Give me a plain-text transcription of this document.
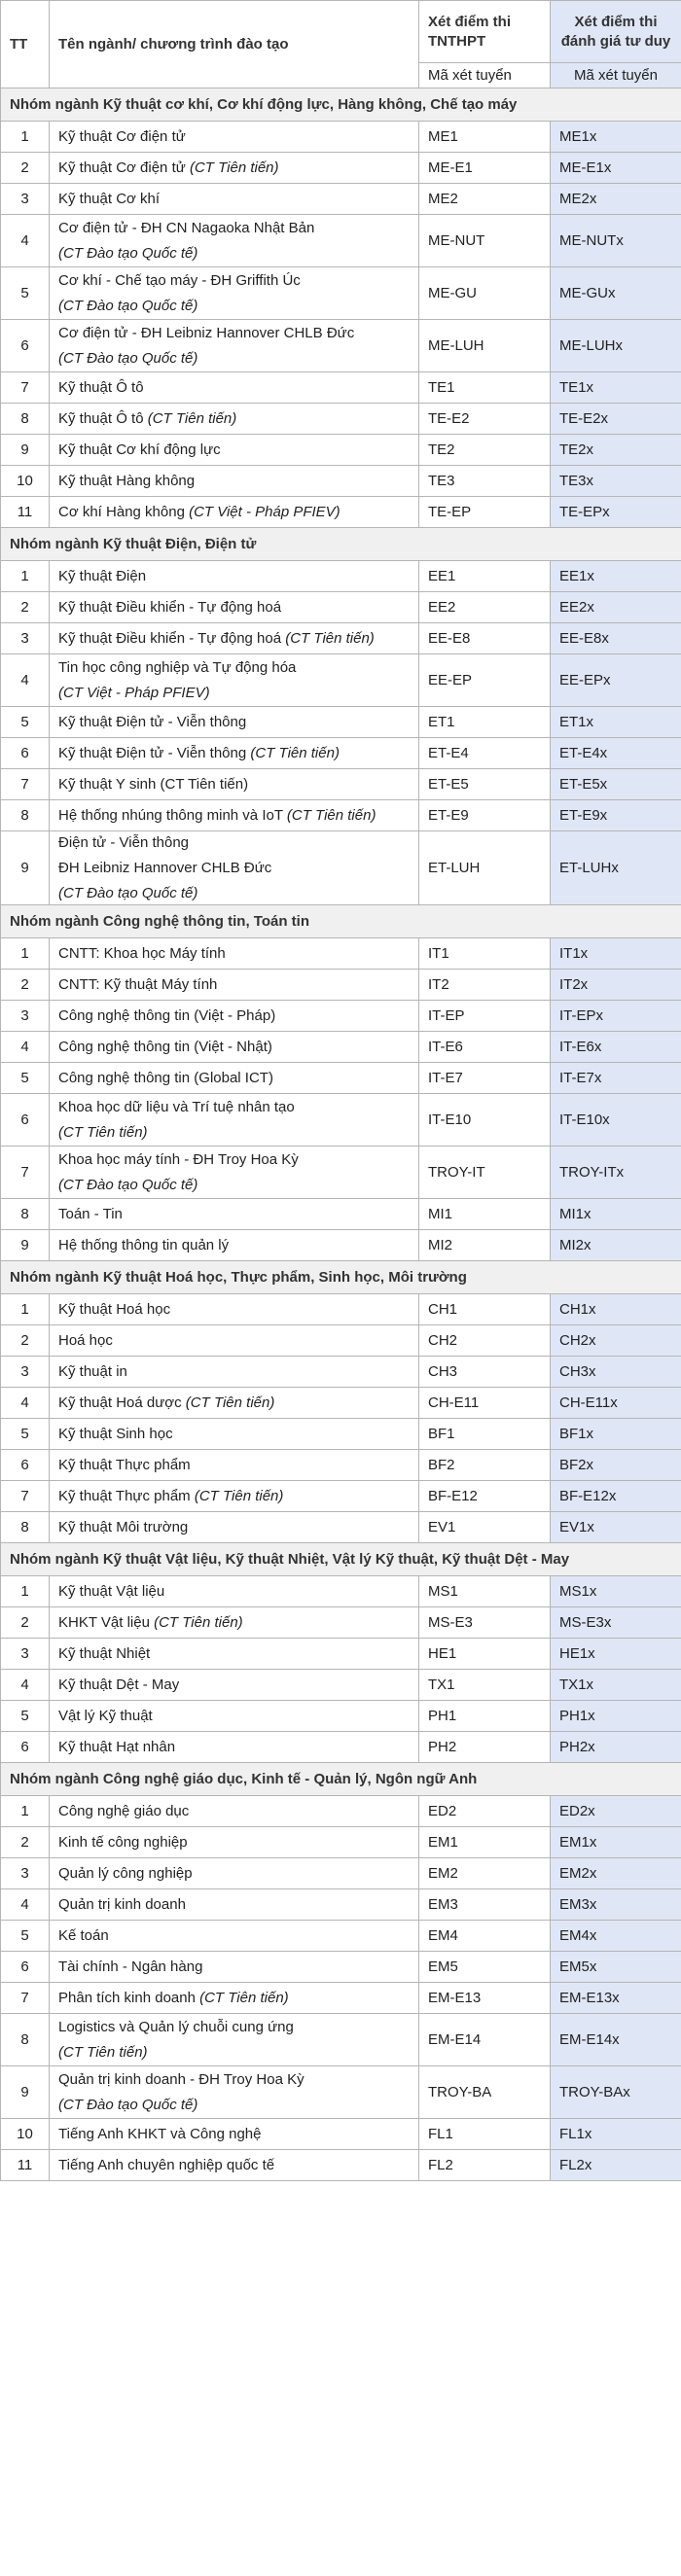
TT	Tên ngành/ chương trình đào tạo	Xét điểm thi TNTHPT	Xét điểm thi đánh giá tư duy
		Mã xét tuyển	Mã xét tuyển
Nhóm ngành Kỹ thuật cơ khí, Cơ khí động lực, Hàng không, Chế tạo máy			
1	Kỹ thuật Cơ điện tử	ME1	ME1x
2	Kỹ thuật Cơ điện tử (CT Tiên tiến)	ME-E1	ME-E1x
3	Kỹ thuật Cơ khí	ME2	ME2x
4	Cơ điện tử - ĐH CN Nagaoka Nhật Bản
(CT Đào tạo Quốc tế)	ME-NUT	ME-NUTx
5	Cơ khí - Chế tạo máy - ĐH Griffith Úc
(CT Đào tạo Quốc tế)	ME-GU	ME-GUx
6	Cơ điện tử - ĐH Leibniz Hannover CHLB Đức
(CT Đào tạo Quốc tế)	ME-LUH	ME-LUHx
7	Kỹ thuật Ô tô	TE1	TE1x
8	Kỹ thuật Ô tô (CT Tiên tiến)	TE-E2	TE-E2x
9	Kỹ thuật Cơ khí động lực	TE2	TE2x
10	Kỹ thuật Hàng không	TE3	TE3x
11	Cơ khí Hàng không (CT Việt - Pháp PFIEV)	TE-EP	TE-EPx
Nhóm ngành Kỹ thuật Điện, Điện tử			
1	Kỹ thuật Điện	EE1	EE1x
2	Kỹ thuật Điều khiển - Tự động hoá	EE2	EE2x
3	Kỹ thuật Điều khiển - Tự động hoá (CT Tiên tiến)	EE-E8	EE-E8x
4	Tin học công nghiệp và Tự động hóa
(CT Việt - Pháp PFIEV)	EE-EP	EE-EPx
5	Kỹ thuật Điện tử - Viễn thông	ET1	ET1x
6	Kỹ thuật Điện tử - Viễn thông (CT Tiên tiến)	ET-E4	ET-E4x
7	Kỹ thuật Y sinh (CT Tiên tiến)	ET-E5	ET-E5x
8	Hệ thống nhúng thông minh và IoT (CT Tiên tiến)	ET-E9	ET-E9x
9	Điện tử - Viễn thông
ĐH Leibniz Hannover CHLB Đức
(CT Đào tạo Quốc tế)	ET-LUH	ET-LUHx
Nhóm ngành Công nghệ thông tin, Toán tin			
1	CNTT: Khoa học Máy tính	IT1	IT1x
2	CNTT: Kỹ thuật Máy tính	IT2	IT2x
3	Công nghệ thông tin (Việt - Pháp)	IT-EP	IT-EPx
4	Công nghệ thông tin (Việt - Nhật)	IT-E6	IT-E6x
5	Công nghệ thông tin (Global ICT)	IT-E7	IT-E7x
6	Khoa học dữ liệu và Trí tuệ nhân tạo
(CT Tiên tiến)	IT-E10	IT-E10x
7	Khoa học máy tính - ĐH Troy Hoa Kỳ
(CT Đào tạo Quốc tế)	TROY-IT	TROY-ITx
8	Toán - Tin	MI1	MI1x
9	Hệ thống thông tin quản lý	MI2	MI2x
Nhóm ngành Kỹ thuật Hoá học, Thực phẩm, Sinh học, Môi trường			
1	Kỹ thuật Hoá học	CH1	CH1x
2	Hoá học	CH2	CH2x
3	Kỹ thuật in	CH3	CH3x
4	Kỹ thuật Hoá dược (CT Tiên tiến)	CH-E11	CH-E11x
5	Kỹ thuật Sinh học	BF1	BF1x
6	Kỹ thuật Thực phẩm	BF2	BF2x
7	Kỹ thuật Thực phẩm (CT Tiên tiến)	BF-E12	BF-E12x
8	Kỹ thuật Môi trường	EV1	EV1x
Nhóm ngành Kỹ thuật Vật liệu, Kỹ thuật Nhiệt, Vật lý Kỹ thuật, Kỹ thuật Dệt - May			
1	Kỹ thuật Vật liệu	MS1	MS1x
2	KHKT Vật liệu (CT Tiên tiến)	MS-E3	MS-E3x
3	Kỹ thuật Nhiệt	HE1	HE1x
4	Kỹ thuật Dệt - May	TX1	TX1x
5	Vật lý Kỹ thuật	PH1	PH1x
6	Kỹ thuật Hạt nhân	PH2	PH2x
Nhóm ngành Công nghệ giáo dục, Kinh tế - Quản lý, Ngôn ngữ Anh			
1	Công nghệ giáo dục	ED2	ED2x
2	Kinh tế công nghiệp	EM1	EM1x
3	Quản lý công nghiệp	EM2	EM2x
4	Quản trị kinh doanh	EM3	EM3x
5	Kế toán	EM4	EM4x
6	Tài chính - Ngân hàng	EM5	EM5x
7	Phân tích kinh doanh (CT Tiên tiến)	EM-E13	EM-E13x
8	Logistics và Quản lý chuỗi cung ứng
(CT Tiên tiến)	EM-E14	EM-E14x
9	Quản trị kinh doanh - ĐH Troy Hoa Kỳ
(CT Đào tạo Quốc tế)	TROY-BA	TROY-BAx
10	Tiếng Anh KHKT và Công nghệ	FL1	FL1x
11	Tiếng Anh chuyên nghiệp quốc tế	FL2	FL2x
